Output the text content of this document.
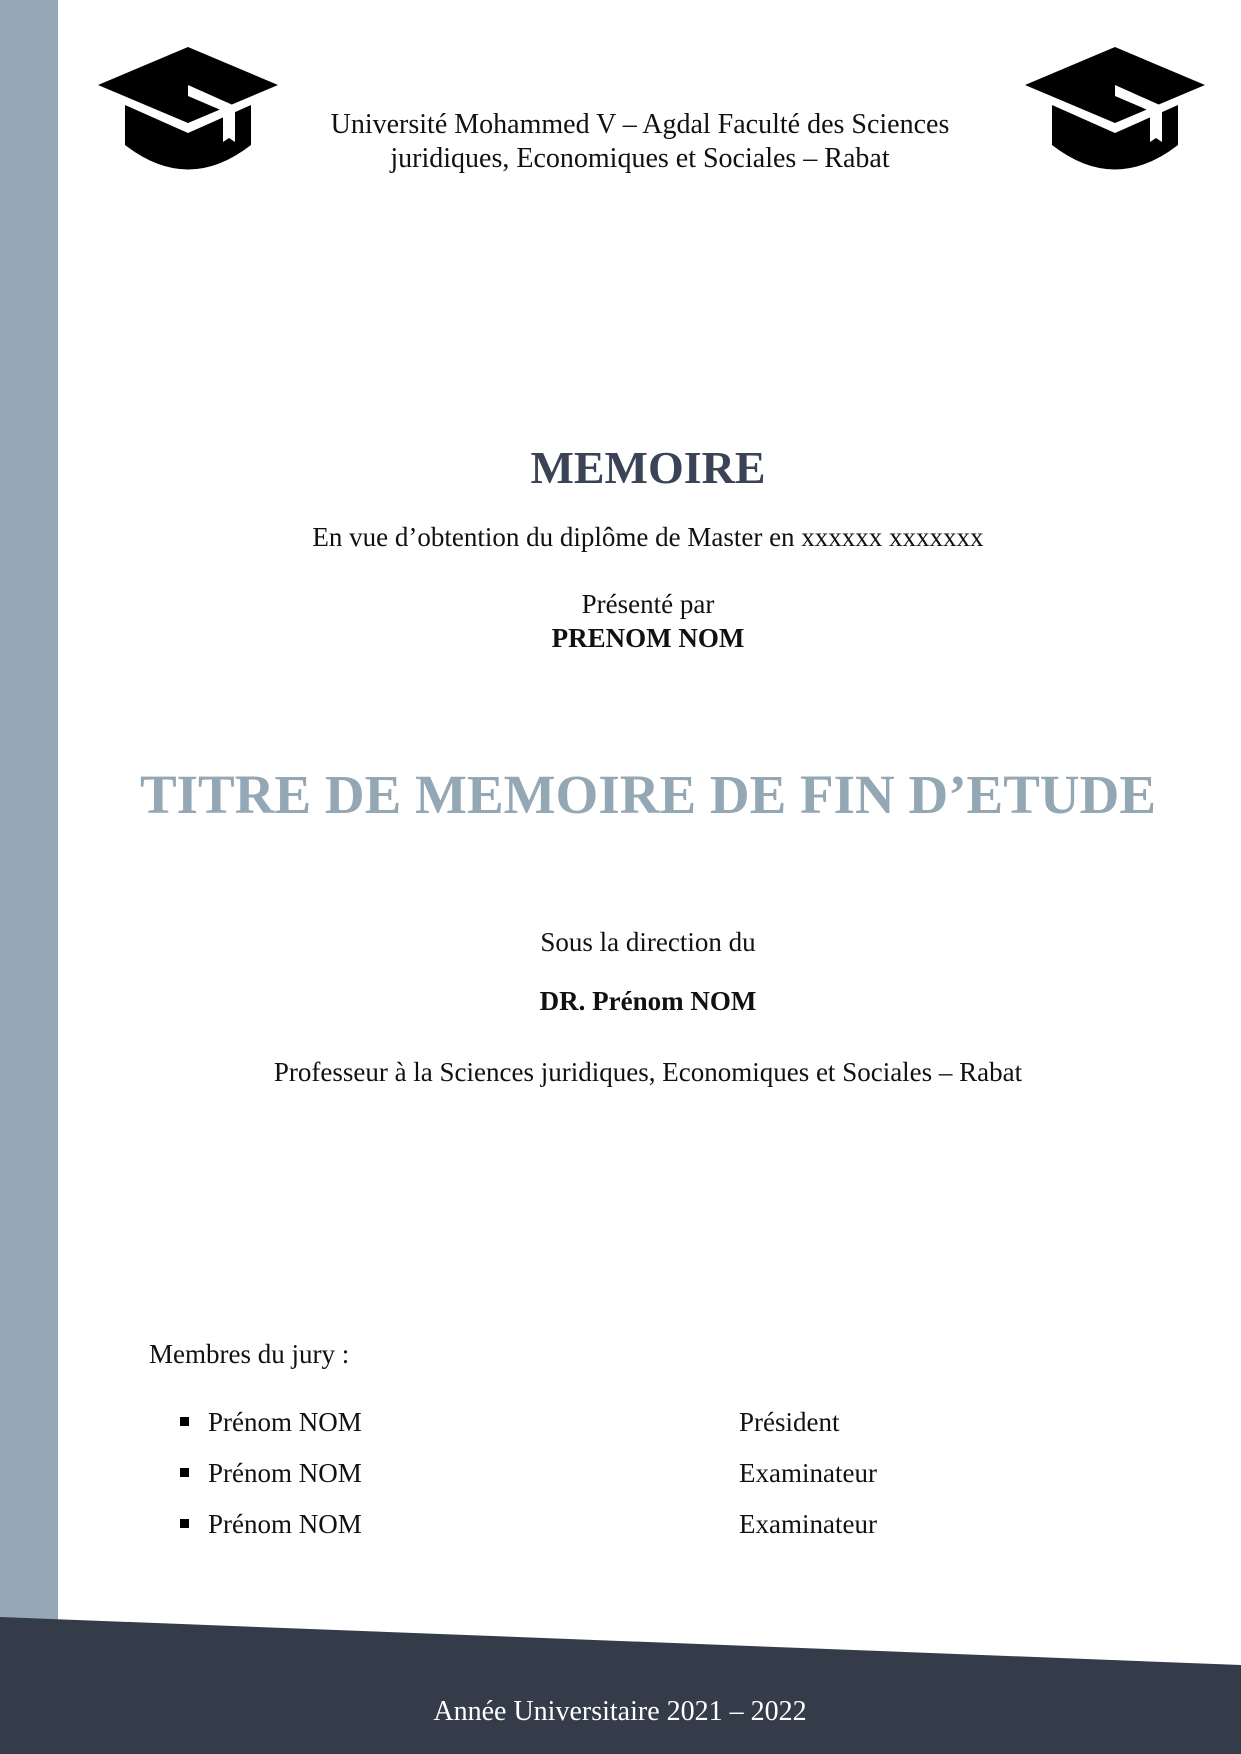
Université Mohammed V – Agdal Faculté des Sciences
juridiques, Economiques et Sociales – Rabat
MEMOIRE
En vue d’obtention du diplôme de Master en xxxxxx xxxxxxx
Présenté par
PRENOM NOM
TITRE DE MEMOIRE DE FIN D’ETUDE
Sous la direction du
DR. Prénom NOM
Professeur à la Sciences juridiques, Economiques et Sociales – Rabat
Membres du jury :
Prénom NOM	Président
Prénom NOM	Examinateur
Prénom NOM	Examinateur
Année Universitaire 2021 – 2022
